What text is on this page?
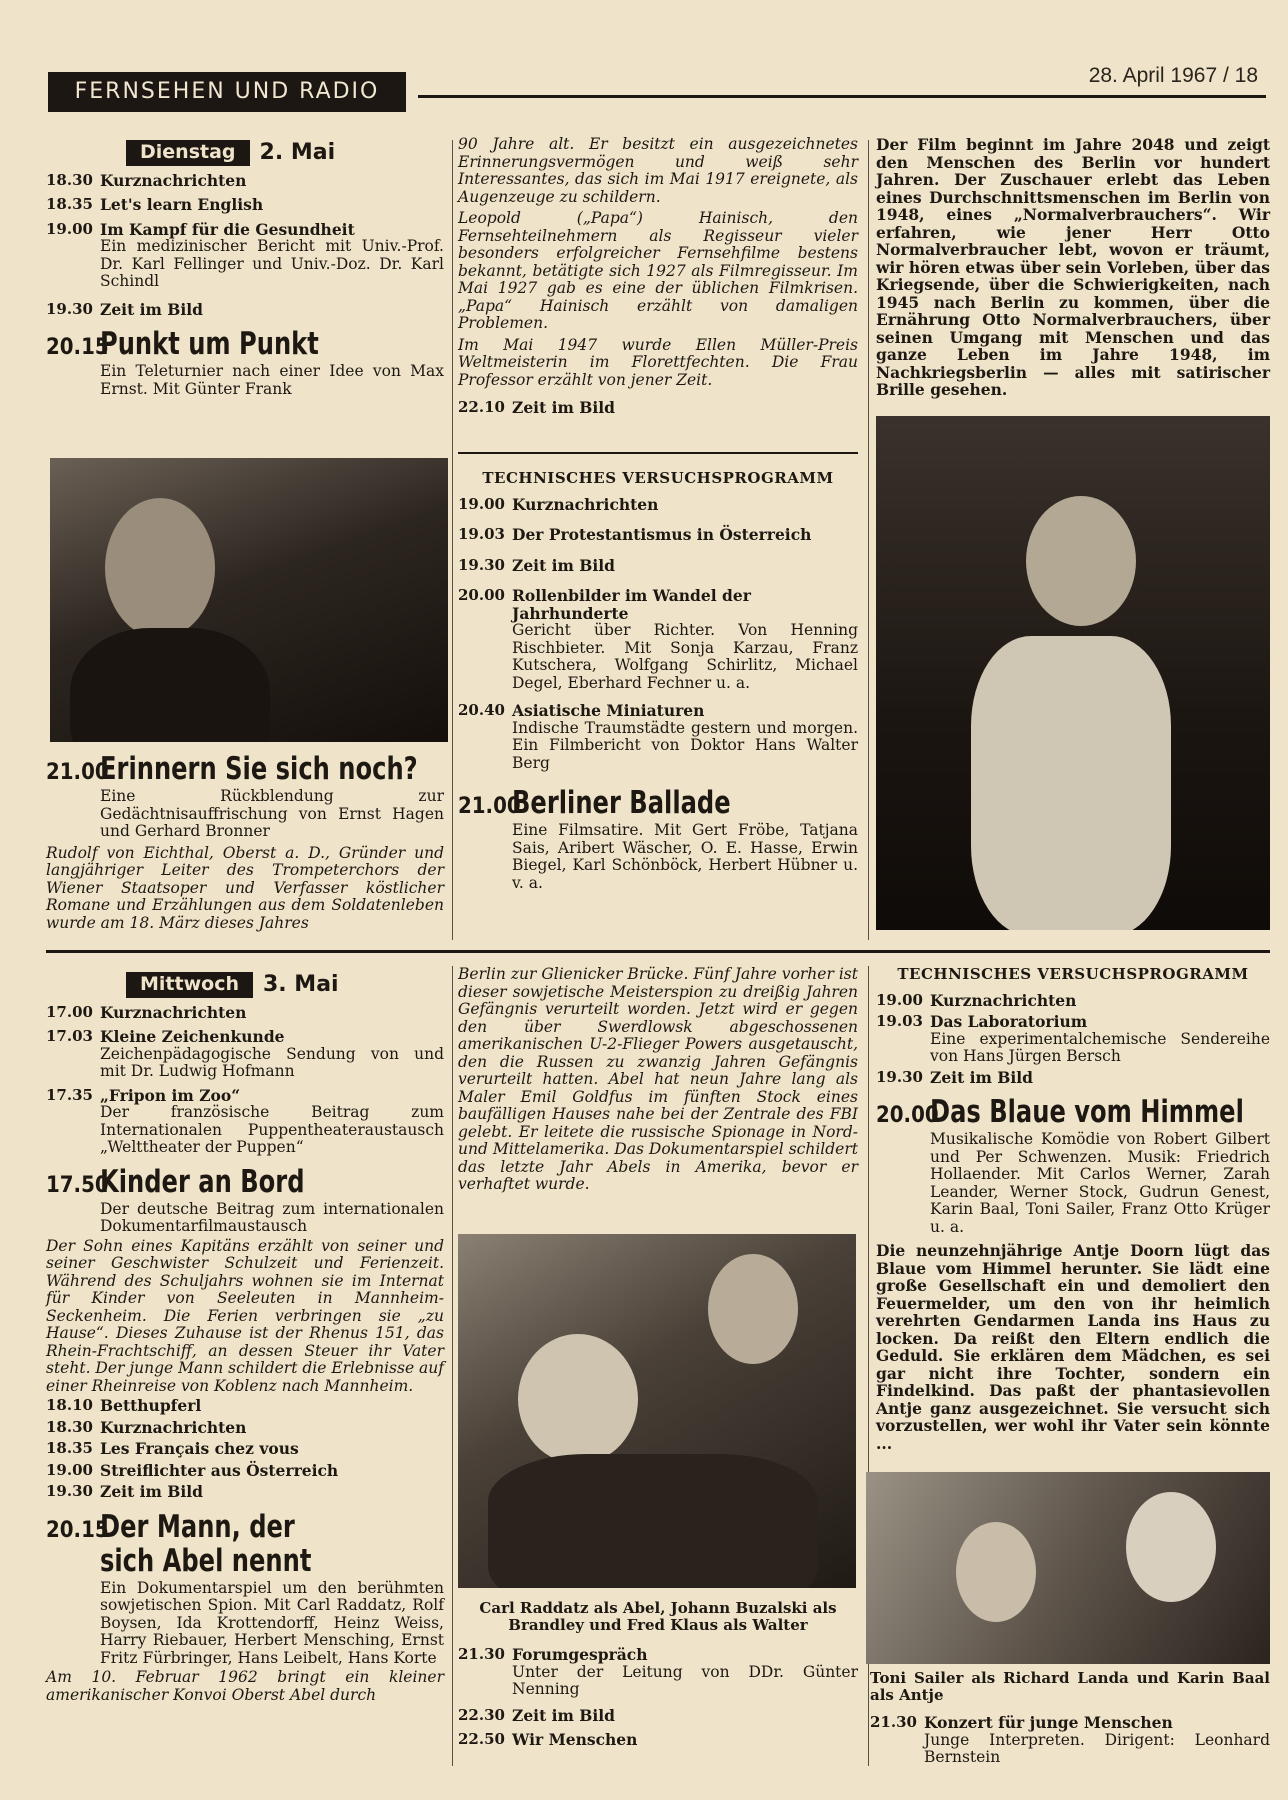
FERNSEHEN UND RADIO
28. April 1967 / 18
Dienstag	2. Mai
18.30 Kurznachrichten
18.35 Let's learn English
19.00 Im Kampf für die Gesundheit
Ein medizinischer Bericht mit Univ.-Prof. Dr. Karl Fellinger und Univ.-Doz. Dr. Karl Schindl
19.30 Zeit im Bild
20.15
Punkt um Punkt
Ein Teleturnier nach einer Idee von Max Ernst. Mit Günter Frank
21.00
Erinnern Sie sich noch?
Eine Rückblendung zur Gedächtnisauffrischung von Ernst Hagen und Gerhard Bronner
Rudolf von Eichthal, Oberst a. D., Gründer und langjähriger Leiter des Trompeterchors der Wiener Staatsoper und Verfasser köstlicher Romane und Erzählungen aus dem Soldatenleben wurde am 18. März dieses Jahres
90 Jahre alt. Er besitzt ein ausgezeichnetes Erinnerungsvermögen und weiß sehr Interessantes, das sich im Mai 1917 ereignete, als Augenzeuge zu schildern.
Leopold („Papa“) Hainisch, den Fernsehteilnehmern als Regisseur vieler besonders erfolgreicher Fernsehfilme bestens bekannt, betätigte sich 1927 als Filmregisseur. Im Mai 1927 gab es eine der üblichen Filmkrisen. „Papa“ Hainisch erzählt von damaligen Problemen.
Im Mai 1947 wurde Ellen Müller-Preis Weltmeisterin im Florettfechten. Die Frau Professor erzählt von jener Zeit.
22.10 Zeit im Bild
TECHNISCHES VERSUCHSPROGRAMM
19.00 Kurznachrichten
19.03 Der Protestantismus in Österreich
19.30 Zeit im Bild
20.00 Rollenbilder im Wandel der Jahrhunderte
Gericht über Richter. Von Henning Rischbieter. Mit Sonja Karzau, Franz Kutschera, Wolfgang Schirlitz, Michael Degel, Eberhard Fechner u. a.
20.40 Asiatische Miniaturen
Indische Traumstädte gestern und morgen. Ein Filmbericht von Doktor Hans Walter Berg
21.00
Berliner Ballade
Eine Filmsatire. Mit Gert Fröbe, Tatjana Sais, Aribert Wäscher, O. E. Hasse, Erwin Biegel, Karl Schönböck, Herbert Hübner u. v. a.
Der Film beginnt im Jahre 2048 und zeigt den Menschen des Berlin vor hundert Jahren. Der Zuschauer erlebt das Leben eines Durchschnittsmenschen im Berlin von 1948, eines „Normalverbrauchers“. Wir erfahren, wie jener Herr Otto Normalverbraucher lebt, wovon er träumt, wir hören etwas über sein Vorleben, über das Kriegsende, über die Schwierigkeiten, nach 1945 nach Berlin zu kommen, über die Ernährung Otto Normalverbrauchers, über seinen Umgang mit Menschen und das ganze Leben im Jahre 1948, im Nachkriegsberlin — alles mit satirischer Brille gesehen.
Mittwoch	3. Mai
17.00 Kurznachrichten
17.03 Kleine Zeichenkunde
Zeichenpädagogische Sendung von und mit Dr. Ludwig Hofmann
17.35 „Fripon im Zoo“
Der französische Beitrag zum Internationalen Puppentheateraustausch „Welttheater der Puppen“
17.50
Kinder an Bord
Der deutsche Beitrag zum internationalen Dokumentarfilmaustausch
Der Sohn eines Kapitäns erzählt von seiner und seiner Geschwister Schulzeit und Ferienzeit. Während des Schuljahrs wohnen sie im Internat für Kinder von Seeleuten in Mannheim-Seckenheim. Die Ferien verbringen sie „zu Hause“. Dieses Zuhause ist der Rhenus 151, das Rhein-Frachtschiff, an dessen Steuer ihr Vater steht. Der junge Mann schildert die Erlebnisse auf einer Rheinreise von Koblenz nach Mannheim.
18.10 Betthupferl
18.30 Kurznachrichten
18.35 Les Français chez vous
19.00 Streiflichter aus Österreich
19.30 Zeit im Bild
20.15
Der Mann, der sich Abel nennt
Ein Dokumentarspiel um den berühmten sowjetischen Spion. Mit Carl Raddatz, Rolf Boysen, Ida Krottendorff, Heinz Weiss, Harry Riebauer, Herbert Mensching, Ernst Fritz Fürbringer, Hans Leibelt, Hans Korte
Am 10. Februar 1962 bringt ein kleiner amerikanischer Konvoi Oberst Abel durch
Berlin zur Glienicker Brücke. Fünf Jahre vorher ist dieser sowjetische Meisterspion zu dreißig Jahren Gefängnis verurteilt worden. Jetzt wird er gegen den über Swerdlowsk abgeschossenen amerikanischen U-2-Flieger Powers ausgetauscht, den die Russen zu zwanzig Jahren Gefängnis verurteilt hatten. Abel hat neun Jahre lang als Maler Emil Goldfus im fünften Stock eines baufälligen Hauses nahe bei der Zentrale des FBI gelebt. Er leitete die russische Spionage in Nord- und Mittelamerika. Das Dokumentarspiel schildert das letzte Jahr Abels in Amerika, bevor er verhaftet wurde.
Carl Raddatz als Abel, Johann Buzalski als Brandley und Fred Klaus als Walter
21.30 Forumgespräch
Unter der Leitung von DDr. Günter Nenning
22.30 Zeit im Bild
22.50 Wir Menschen
TECHNISCHES VERSUCHSPROGRAMM
19.00 Kurznachrichten
19.03 Das Laboratorium
Eine experimentalchemische Sendereihe von Hans Jürgen Bersch
19.30 Zeit im Bild
20.00
Das Blaue vom Himmel
Musikalische Komödie von Robert Gilbert und Per Schwenzen. Musik: Friedrich Hollaender. Mit Carlos Werner, Zarah Leander, Werner Stock, Gudrun Genest, Karin Baal, Toni Sailer, Franz Otto Krüger u. a.
Die neunzehnjährige Antje Doorn lügt das Blaue vom Himmel herunter. Sie lädt eine große Gesellschaft ein und demoliert den Feuermelder, um den von ihr heimlich verehrten Gendarmen Landa ins Haus zu locken. Da reißt den Eltern endlich die Geduld. Sie erklären dem Mädchen, es sei gar nicht ihre Tochter, sondern ein Findelkind. Das paßt der phantasievollen Antje ganz ausgezeichnet. Sie versucht sich vorzustellen, wer wohl ihr Vater sein könnte ...
Toni Sailer als Richard Landa und Karin Baal als Antje
21.30 Konzert für junge Menschen
Junge Interpreten. Dirigent: Leonhard Bernstein
